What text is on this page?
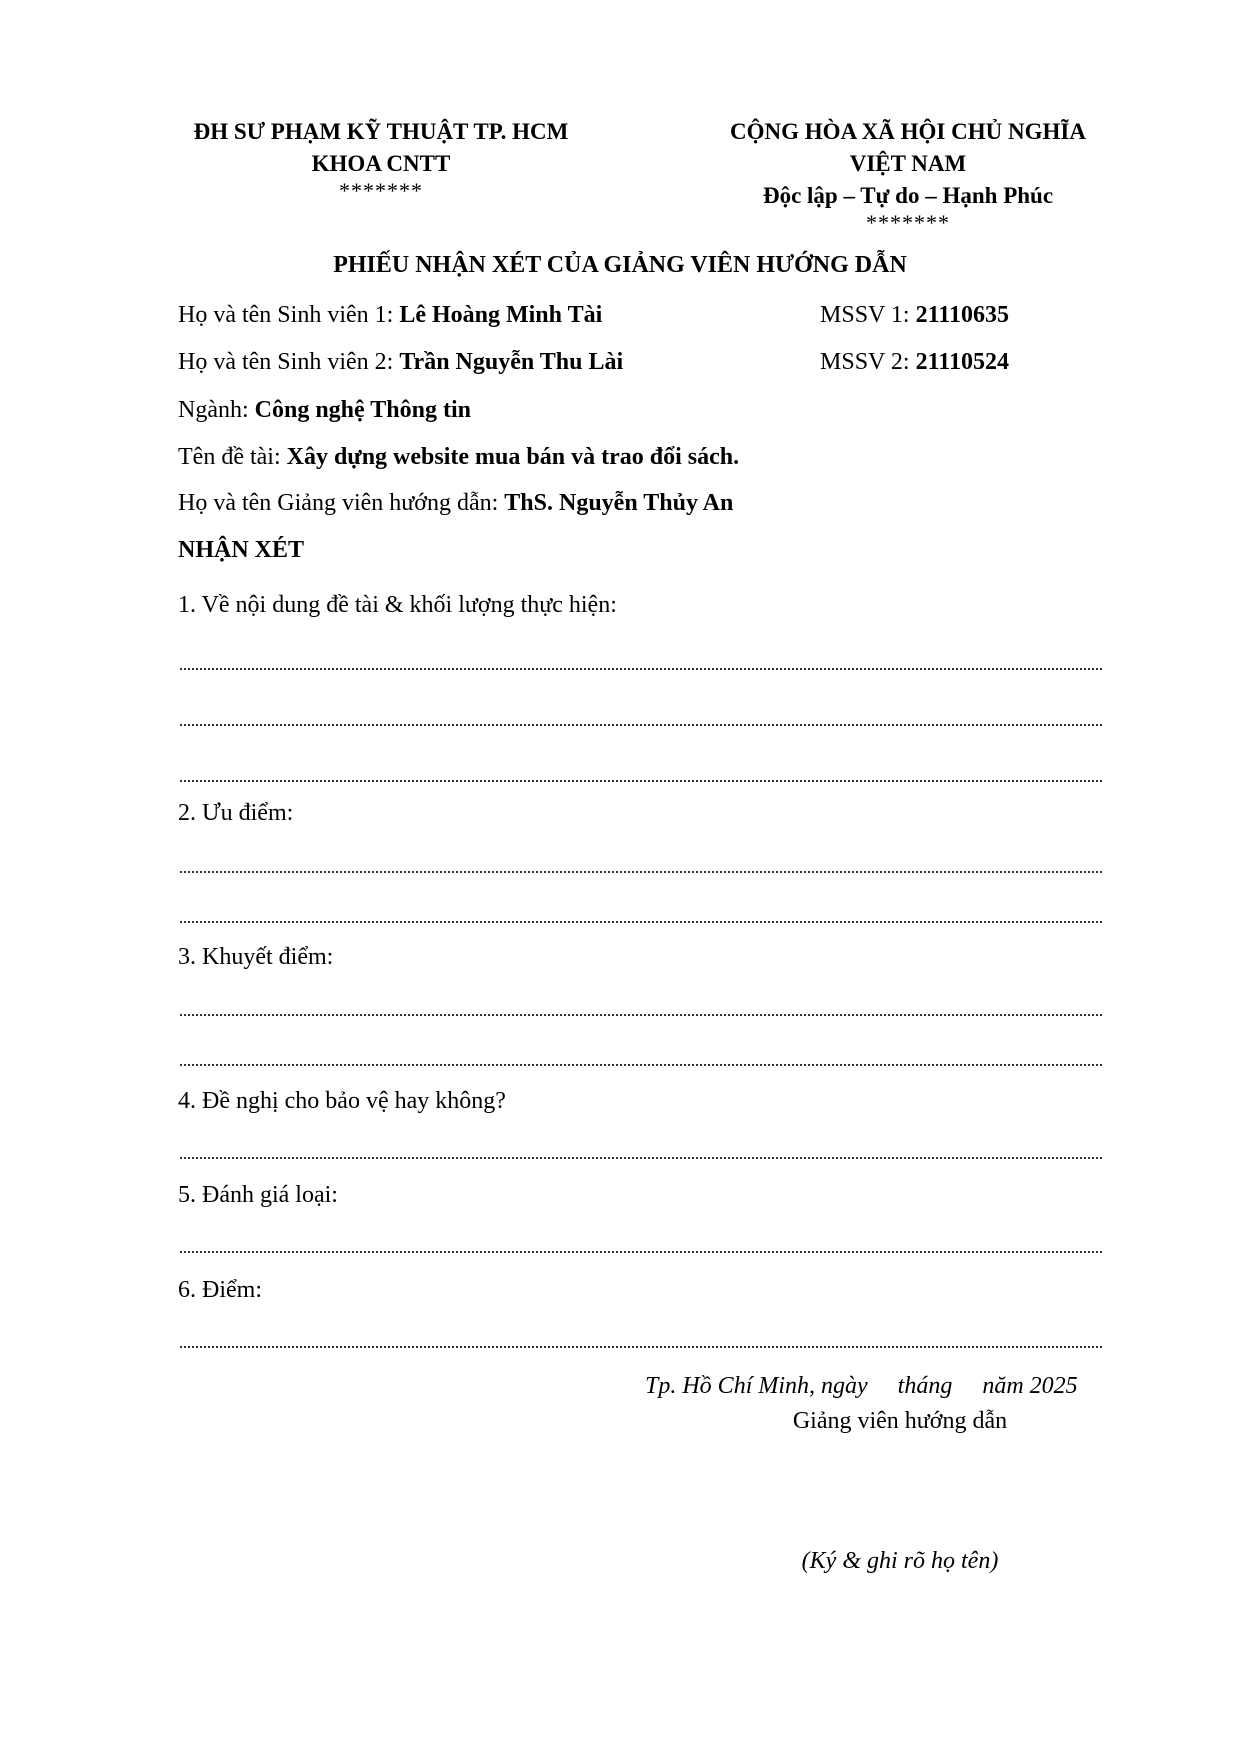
ĐH SƯ PHẠM KỸ THUẬT TP. HCM
KHOA CNTT
*******
CỘNG HÒA XÃ HỘI CHỦ NGHĨA
VIỆT NAM
Độc lập – Tự do – Hạnh Phúc
*******
PHIẾU NHẬN XÉT CỦA GIẢNG VIÊN HƯỚNG DẪN
Họ và tên Sinh viên 1: Lê Hoàng Minh Tài	MSSV 1: 21110635
Họ và tên Sinh viên 2: Trần Nguyễn Thu Lài	MSSV 2: 21110524
Ngành: Công nghệ Thông tin
Tên đề tài: Xây dựng website mua bán và trao đổi sách.
Họ và tên Giảng viên hướng dẫn: ThS. Nguyễn Thủy An
NHẬN XÉT
1. Về nội dung đề tài & khối lượng thực hiện:
2. Ưu điểm:
3. Khuyết điểm:
4. Đề nghị cho bảo vệ hay không?
5. Đánh giá loại:
6. Điểm:
Tp. Hồ Chí Minh, ngày     tháng     năm 2025
Giảng viên hướng dẫn
(Ký & ghi rõ họ tên)
